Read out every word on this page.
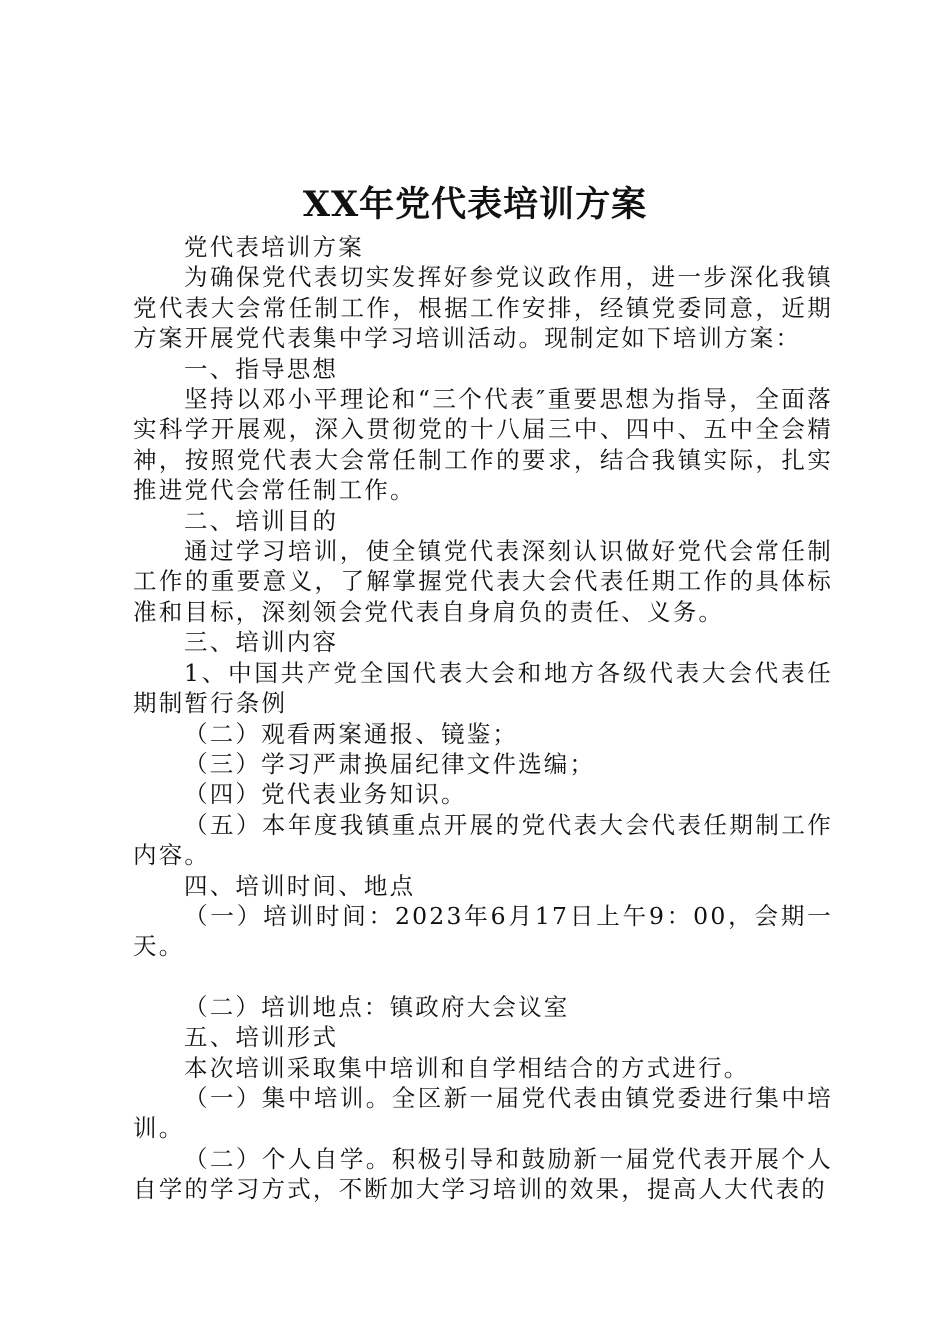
XX年党代表培训方案

党代表培训方案

为确保党代表切实发挥好参党议政作用，进一步深化我镇党代表大会常任制工作，根据工作安排，经镇党委同意，近期方案开展党代表集中学习培训活动。现制定如下培训方案：

一、指导思想

坚持以邓小平理论和“三个代表″重要思想为指导，全面落实科学开展观，深入贯彻党的十八届三中、四中、五中全会精神，按照党代表大会常任制工作的要求，结合我镇实际，扎实推进党代会常任制工作。

二、培训目的

通过学习培训，使全镇党代表深刻认识做好党代会常任制工作的重要意义，了解掌握党代表大会代表任期工作的具体标准和目标，深刻领会党代表自身肩负的责任、义务。

三、培训内容

1、中国共产党全国代表大会和地方各级代表大会代表任期制暂行条例

（二）观看两案通报、镜鉴；

（三）学习严肃换届纪律文件选编；

（四）党代表业务知识。

（五）本年度我镇重点开展的党代表大会代表任期制工作内容。

四、培训时间、地点

（一）培训时间：2023年6月17日上午9：00，会期一天。

（二）培训地点：镇政府大会议室

五、培训形式

本次培训采取集中培训和自学相结合的方式进行。

（一）集中培训。全区新一届党代表由镇党委进行集中培训。

（二）个人自学。积极引导和鼓励新一届党代表开展个人自学的学习方式，不断加大学习培训的效果，提高人大代表的
